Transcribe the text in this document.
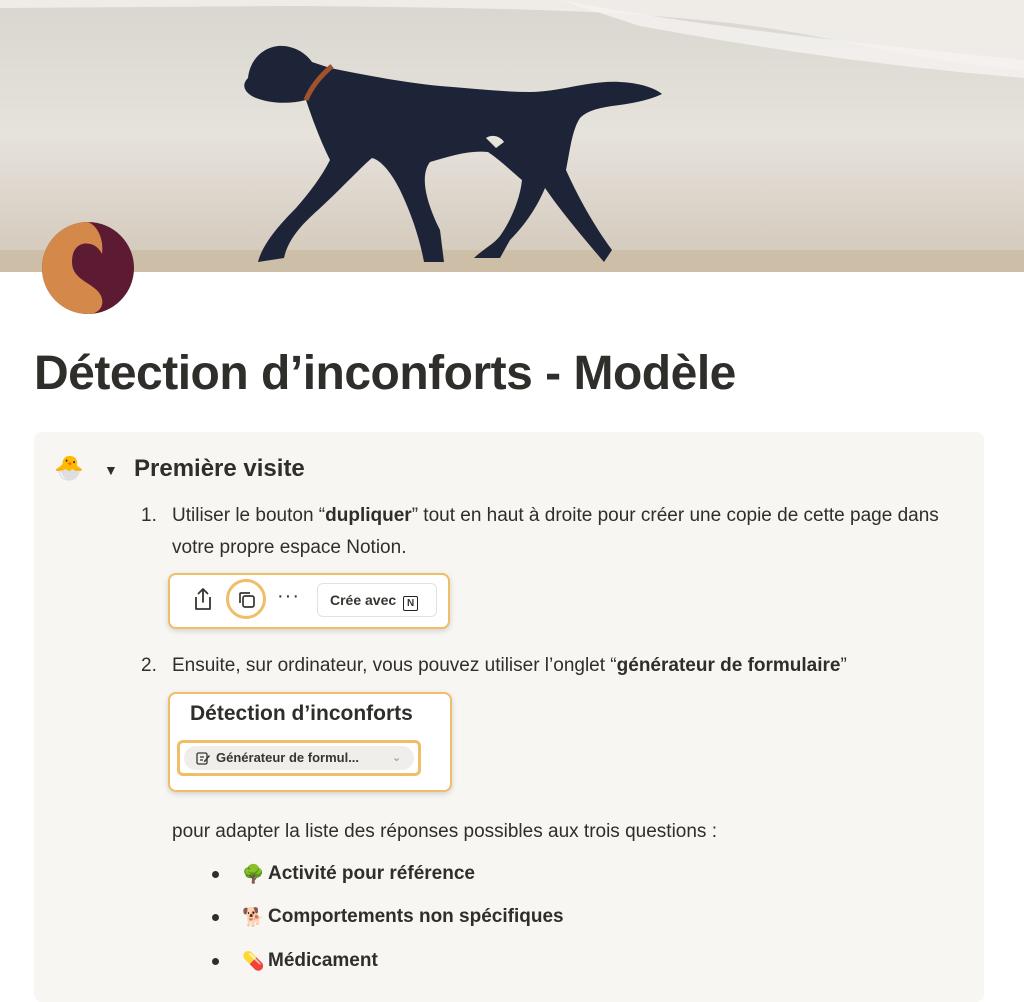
Détection d’inconforts - Modèle
🐣 ▼ Première visite
1. Utiliser le bouton “dupliquer” tout en haut à droite pour créer une copie de cette page dans votre propre espace Notion.
···	Crée avec N
2. Ensuite, sur ordinateur, vous pouvez utiliser l’onglet “générateur de formulaire”
Détection d’inconforts
Générateur de formul...	⌄
pour adapter la liste des réponses possibles aux trois questions :
🌳 Activité pour référence
🐕 Comportements non spécifiques
💊 Médicament
